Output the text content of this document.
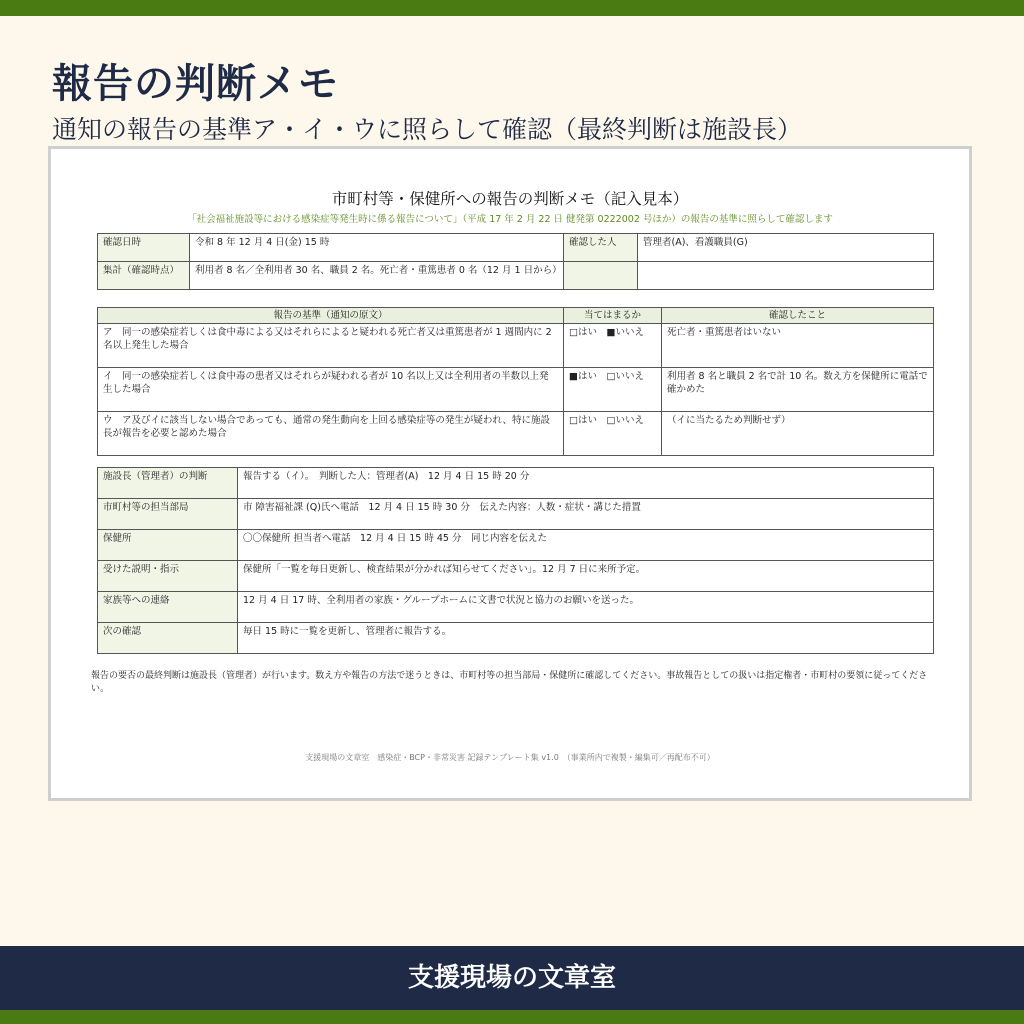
報告の判断メモ
通知の報告の基準ア・イ・ウに照らして確認（最終判断は施設長）
市町村等・保健所への報告の判断メモ（記入見本）
「社会福祉施設等における感染症等発生時に係る報告について」（平成 17 年 2 月 22 日 健発第 0222002 号ほか）の報告の基準に照らして確認します
確認日時	令和 8 年 12 月 4 日(金) 15 時	確認した人	管理者(A)、看護職員(G)
集計（確認時点）	利用者 8 名／全利用者 30 名、職員 2 名。死亡者・重篤患者 0 名（12 月 1 日から）		
報告の基準（通知の原文）	当てはまるか	確認したこと
ア　同一の感染症若しくは食中毒による又はそれらによると疑われる死亡者又は重篤患者が 1 週間内に 2 名以上発生した場合	□はい　 ■いいえ	死亡者・重篤患者はいない
イ　同一の感染症若しくは食中毒の患者又はそれらが疑われる者が 10 名以上又は全利用者の半数以上発生した場合	■はい　 □いいえ	利用者 8 名と職員 2 名で計 10 名。数え方を保健所に電話で確かめた
ウ　ア及びイに該当しない場合であっても、通常の発生動向を上回る感染症等の発生が疑われ、特に施設長が報告を必要と認めた場合	□はい　 □いいえ	（イに当たるため判断せず）
施設長（管理者）の判断	報告する（イ）。　判断した人：管理者(A)　12 月 4 日 15 時 20 分
市町村等の担当部局	市 障害福祉課 (Q)氏へ電話　12 月 4 日 15 時 30 分　伝えた内容：人数・症状・講じた措置
保健所	〇〇保健所 担当者へ電話　12 月 4 日 15 時 45 分　同じ内容を伝えた
受けた説明・指示	保健所「一覧を毎日更新し、検査結果が分かれば知らせてください」。12 月 7 日に来所予定。
家族等への連絡	12 月 4 日 17 時、全利用者の家族・グループホームに文書で状況と協力のお願いを送った。
次の確認	毎日 15 時に一覧を更新し、管理者に報告する。
報告の要否の最終判断は施設長（管理者）が行います。数え方や報告の方法で迷うときは、市町村等の担当部局・保健所に確認してください。事故報告としての扱いは指定権者・市町村の要領に従ってください。
支援現場の文章室　感染症・BCP・非常災害 記録テンプレート集 v1.0　（事業所内で複製・編集可／再配布不可）
支援現場の文章室
